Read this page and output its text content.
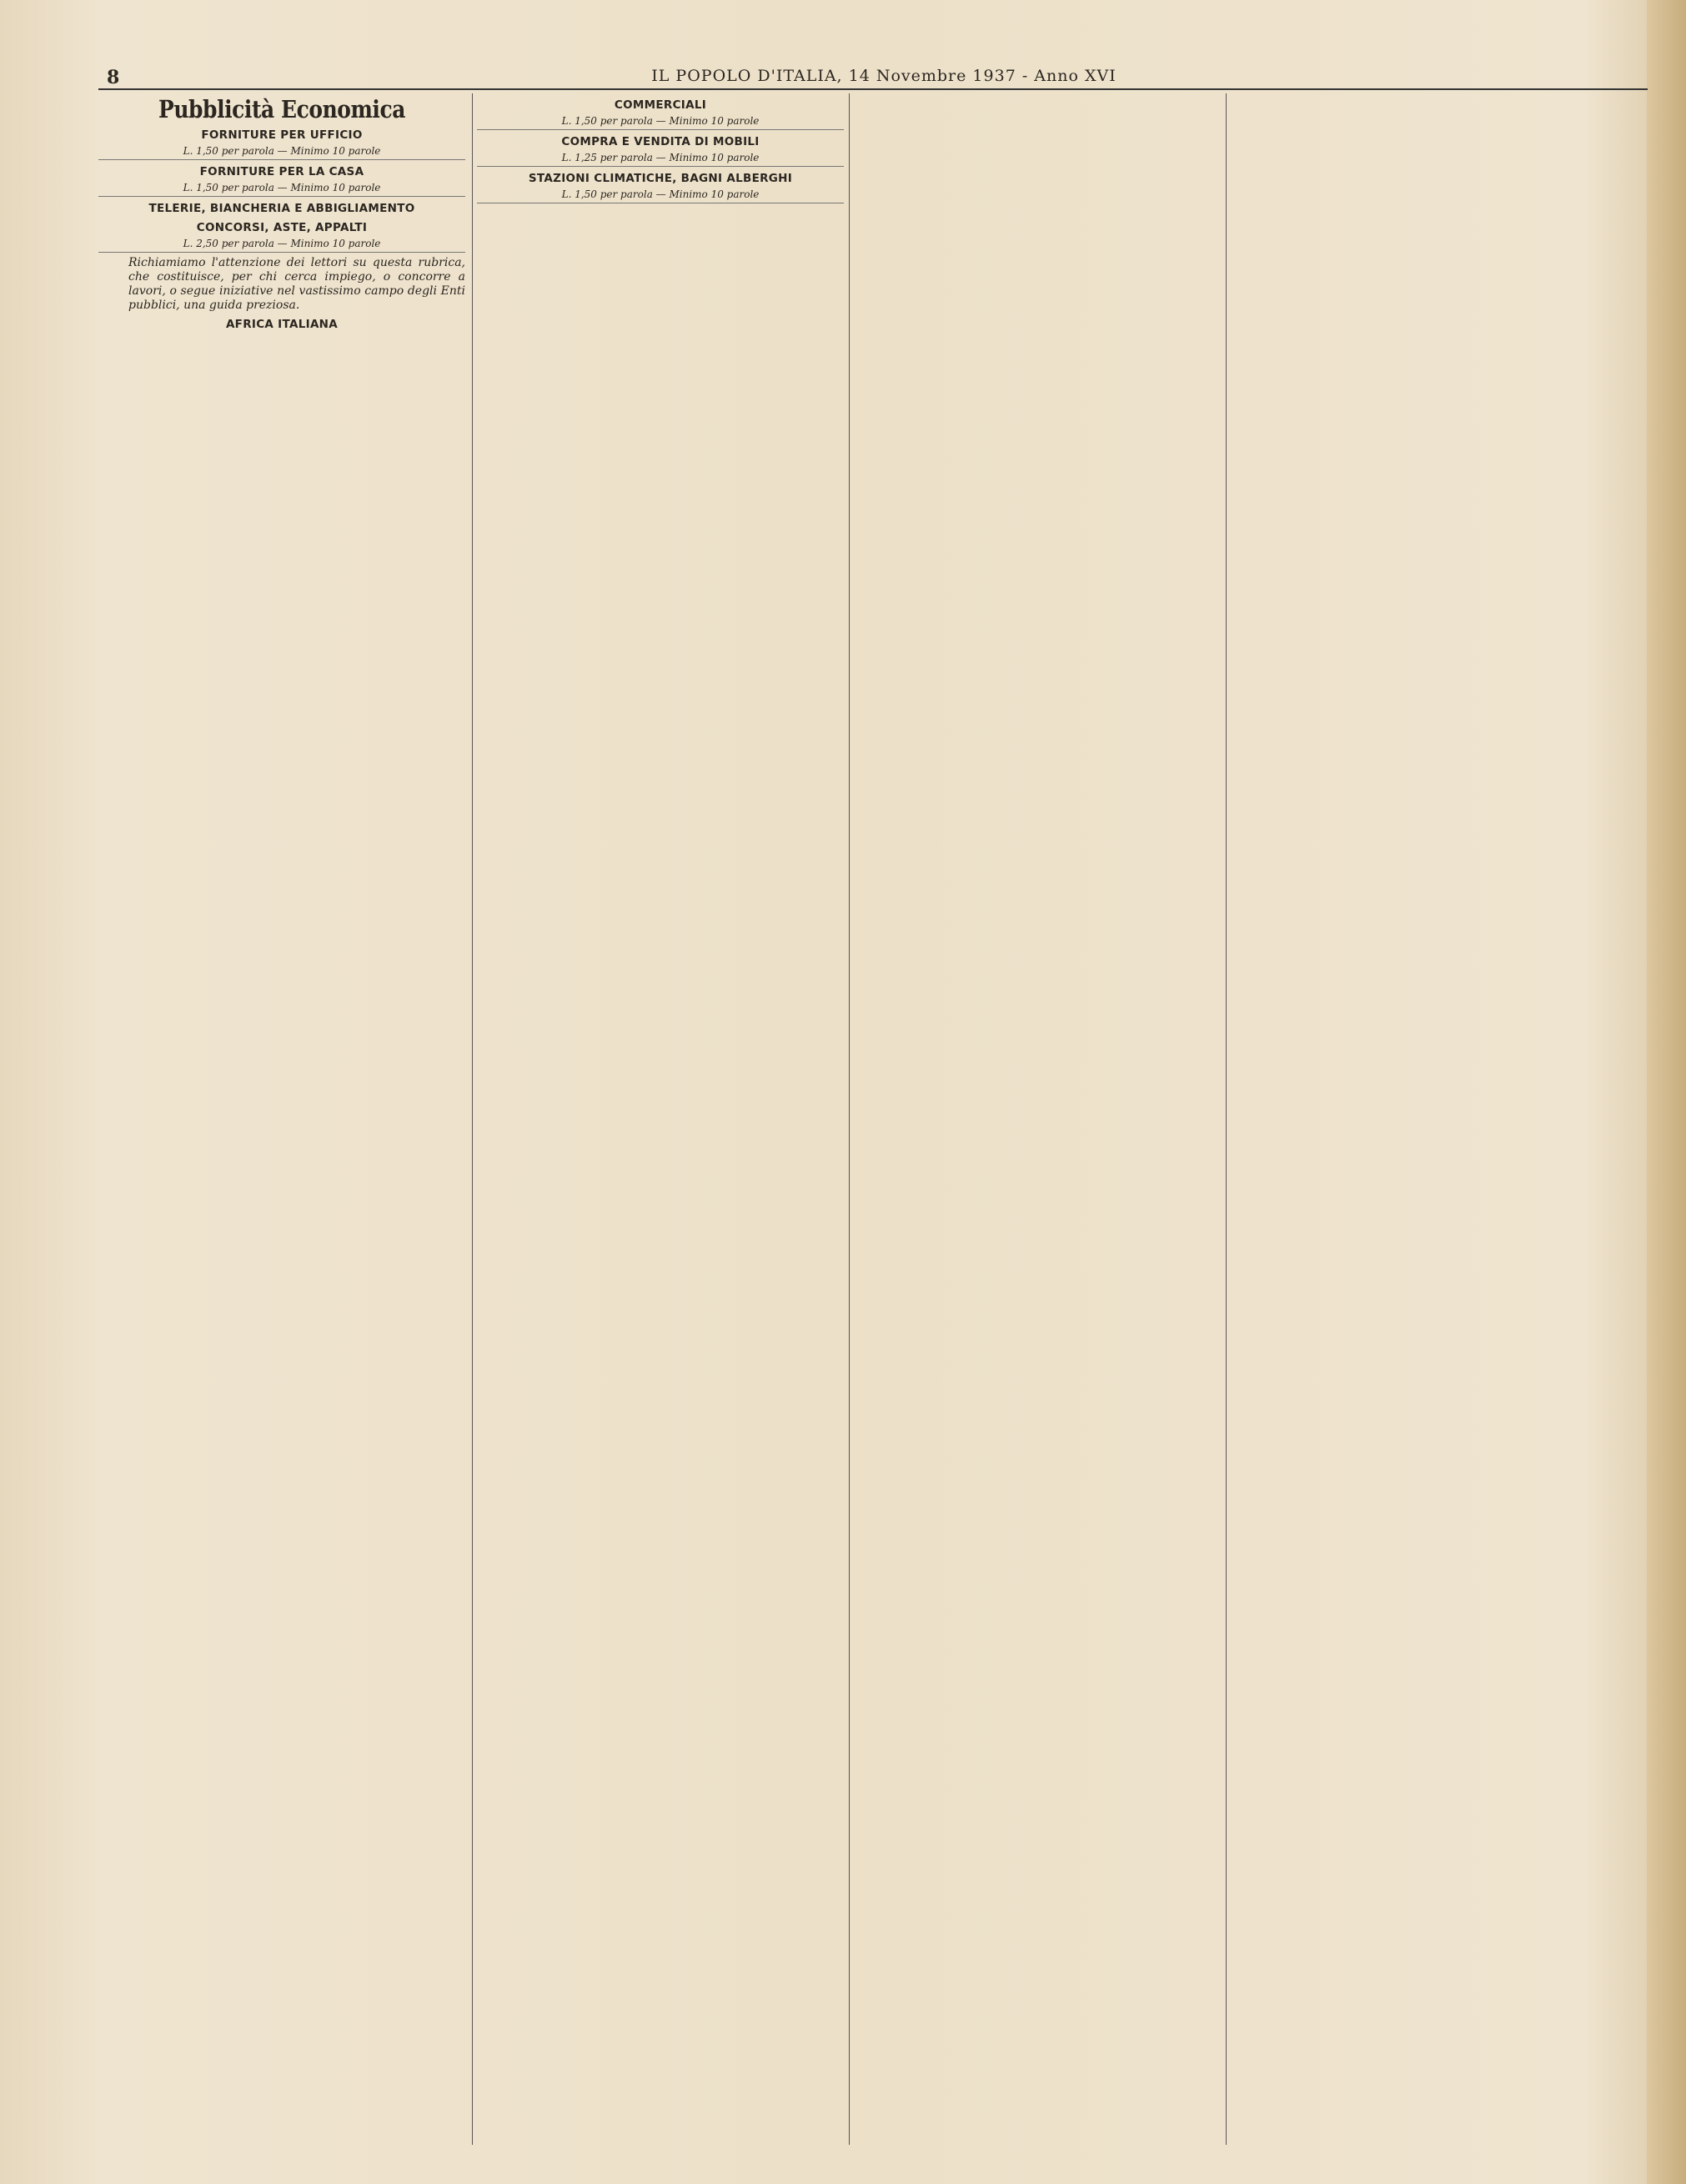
8	IL POPOLO D'ITALIA, 14 Novembre 1937 - Anno XVI
Pubblicità Economica
FORNITURE PER UFFICIO
L. 1,50 per parola — Minimo 10 parole
FORNITURE PER LA CASA
L. 1,50 per parola — Minimo 10 parole
TELERIE, BIANCHERIA E ABBIGLIAMENTO
CONCORSI, ASTE, APPALTI
L. 2,50 per parola — Minimo 10 parole
Richiamiamo l'attenzione dei lettori su questa rubrica, che costituisce, per chi cerca impiego, o concorre a lavori, o segue iniziative nel vastissimo campo degli Enti pubblici, una guida preziosa.
AFRICA ITALIANA
COMMERCIALI
L. 1,50 per parola — Minimo 10 parole
COMPRA E VENDITA DI MOBILI
L. 1,25 per parola — Minimo 10 parole
STAZIONI CLIMATICHE, BAGNI ALBERGHI
L. 1,50 per parola — Minimo 10 parole
